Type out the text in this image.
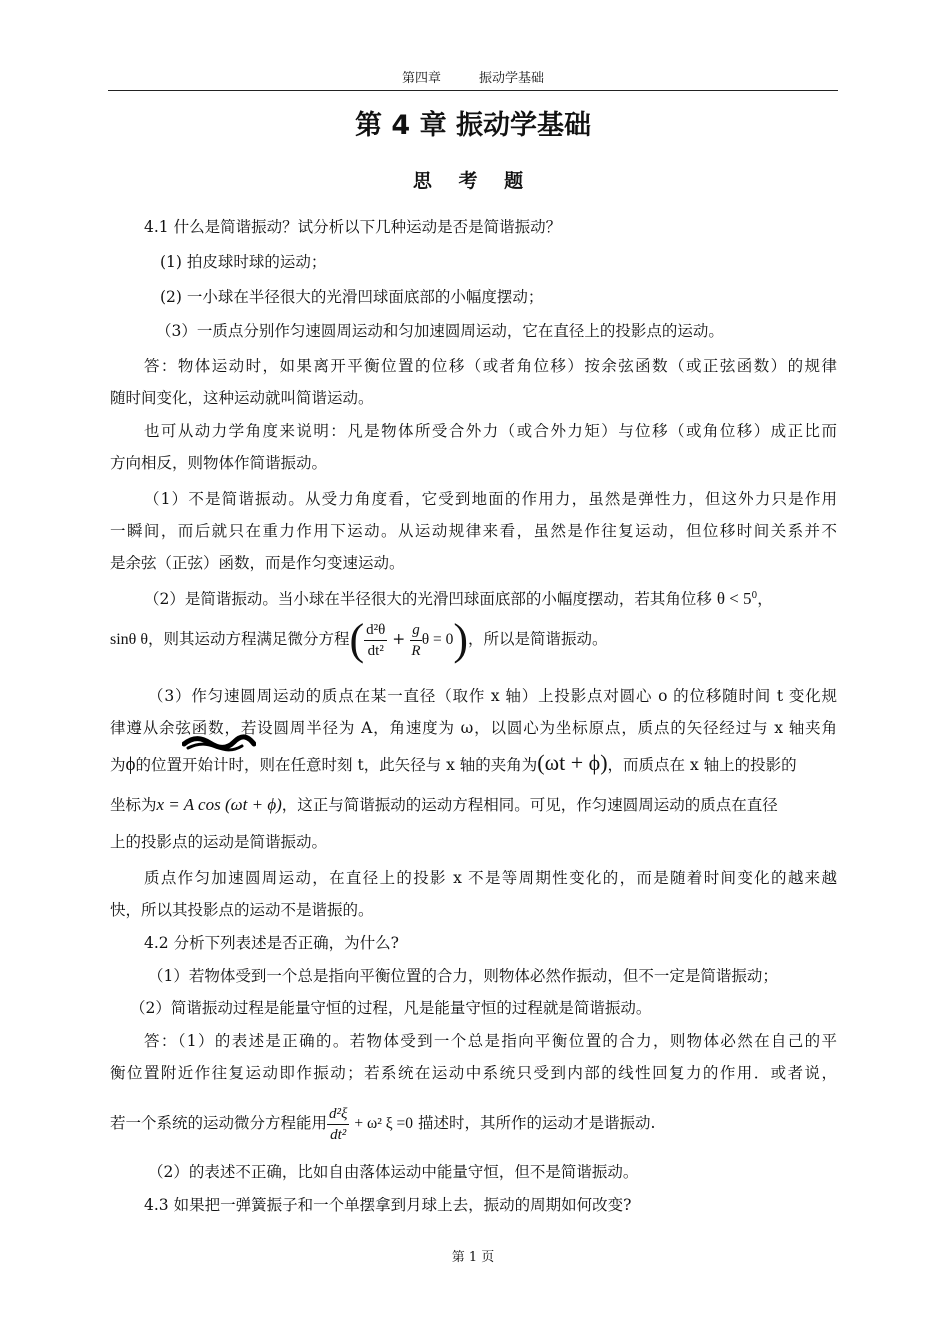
第四章	振动学基础
第 4 章 振动学基础
思 考 题
4.1 什么是简谐振动？试分析以下几种运动是否是简谐振动？
(1) 拍皮球时球的运动；
(2) 一小球在半径很大的光滑凹球面底部的小幅度摆动；
（3）一质点分别作匀速圆周运动和匀加速圆周运动，它在直径上的投影点的运动。
答：物体运动时，如果离开平衡位置的位移（或者角位移）按余弦函数（或正弦函数）的规律
随时间变化，这种运动就叫简谐运动。
也可从动力学角度来说明：凡是物体所受合外力（或合外力矩）与位移（或角位移）成正比而
方向相反，则物体作简谐振动。
（1）不是简谐振动。从受力角度看，它受到地面的作用力，虽然是弹性力，但这外力只是作用
一瞬间，而后就只在重力作用下运动。从运动规律来看，虽然是作往复运动，但位移时间关系并不
是余弦（正弦）函数，而是作匀变速运动。
（2）是简谐振动。当小球在半径很大的光滑凹球面底部的小幅度摆动，若其角位移 $\theta < 5^0$，
sinθ θ，则其运动方程满足微分方程( $\frac{\text{d²θ}}{\text{dt²}} + \frac{g}{R}$ θ = 0)，所以是简谐振动。
（3）作匀速圆周运动的质点在某一直径（取作 x 轴）上投影点对圆心 o 的位移随时间 t 变化规
律遵从余弦函数，若设圆周半径为 A，角速度为 ω，以圆心为坐标原点，质点的矢径经过与 x 轴夹角
为ϕ的位置开始计时，则在任意时刻 t，此矢径与 x 轴的夹角为(ωt + ϕ)，而质点在 x 轴上的投影的
坐标为x = A cos (ωt + ϕ)，这正与简谐振动的运动方程相同。可见，作匀速圆周运动的质点在直径
上的投影点的运动是简谐振动。
质点作匀加速圆周运动，在直径上的投影 x 不是等周期性变化的，而是随着时间变化的越来越
快，所以其投影点的运动不是谐振的。
4.2 分析下列表述是否正确，为什么?
（1）若物体受到一个总是指向平衡位置的合力，则物体必然作振动，但不一定是简谐振动；
（2）简谐振动过程是能量守恒的过程，凡是能量守恒的过程就是简谐振动。
答：（1）的表述是正确的。若物体受到一个总是指向平衡位置的合力，则物体必然在自己的平
衡位置附近作往复运动即作振动；若系统在运动中系统只受到内部的线性回复力的作用．或者说，
若一个系统的运动微分方程能用 $\frac{\text{d²ξ}}{\text{dt²}} + \omega^2$ ξ =0 描述时，其所作的运动才是谐振动.
（2）的表述不正确，比如自由落体运动中能量守恒，但不是简谐振动。
4.3 如果把一弹簧振子和一个单摆拿到月球上去，振动的周期如何改变?
第 1 页
